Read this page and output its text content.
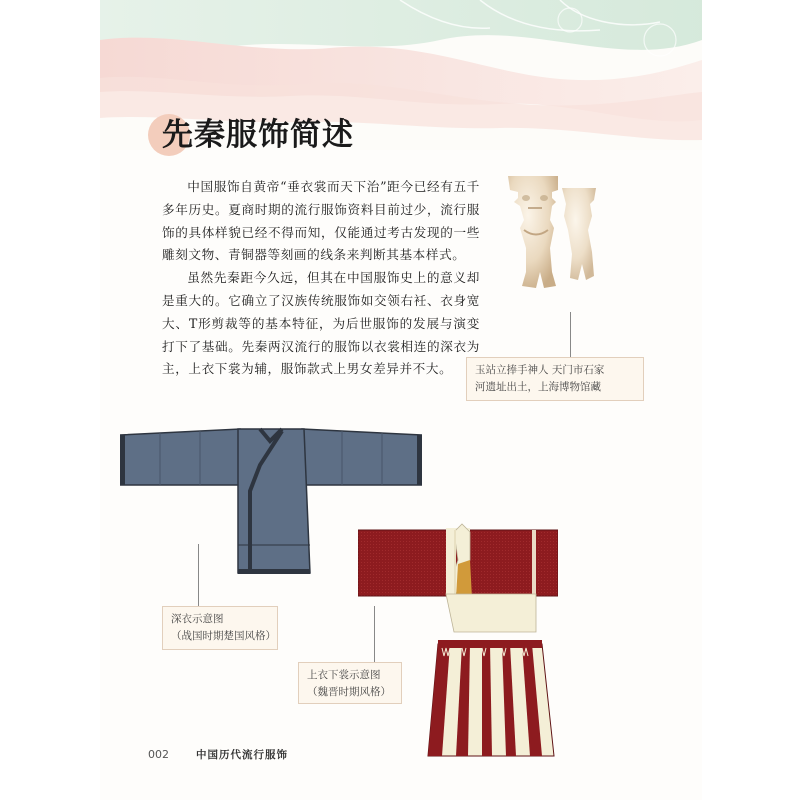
先秦服饰简述

中国服饰自黄帝“垂衣裳而天下治”距今已经有五千多年历史。夏商时期的流行服饰资料目前过少，流行服饰的具体样貌已经不得而知，仅能通过考古发现的一些雕刻文物、青铜器等刻画的线条来判断其基本样式。

虽然先秦距今久远，但其在中国服饰史上的意义却是重大的。它确立了汉族传统服饰如交领右衽、衣身宽大、T形剪裁等的基本特征，为后世服饰的发展与演变打下了基础。先秦两汉流行的服饰以衣裳相连的深衣为主，上衣下裳为辅，服饰款式上男女差异并不大。	玉站立捧手神人 天门市石家
河遗址出土，上海博物馆藏
深衣示意图
（战国时期楚国风格）
上衣下裳示意图
（魏晋时期风格）
002	中国历代流行服饰
